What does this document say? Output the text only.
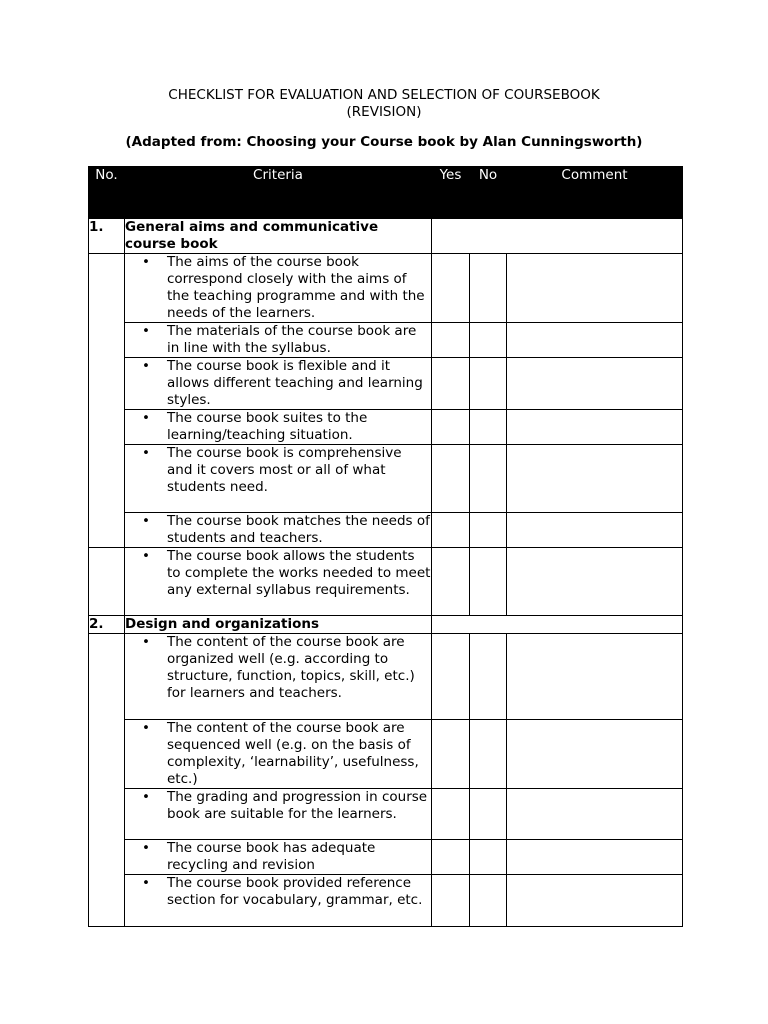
CHECKLIST FOR EVALUATION AND SELECTION OF COURSEBOOK
(REVISION)
(Adapted from: Choosing your Course book by Alan Cunningsworth)
No.	Criteria	Yes	No	Comment
1.	General aims and communicative course book			

	• The aims of the course book correspond closely with the aims of the teaching programme and with the needs of the learners.			

	• The materials of the course book are in line with the syllabus.			

	• The course book is flexible and it allows different teaching and learning styles.			

	• The course book suites to the learning/teaching situation.			

	• The course book is comprehensive and it covers most or all of what students need.			

	• The course book matches the needs of students and teachers.			

	• The course book allows the students to complete the works needed to meet any external syllabus requirements.			

2.	Design and organizations			

	• The content of the course book are organized well (e.g. according to structure, function, topics, skill, etc.) for learners and teachers.			

	• The content of the course book are sequenced well (e.g. on the basis of complexity, ‘learnability’, usefulness, etc.)			

	• The grading and progression in course book are suitable for the learners.			

	• The course book has adequate recycling and revision			

	• The course book provided reference section for vocabulary, grammar, etc.			
